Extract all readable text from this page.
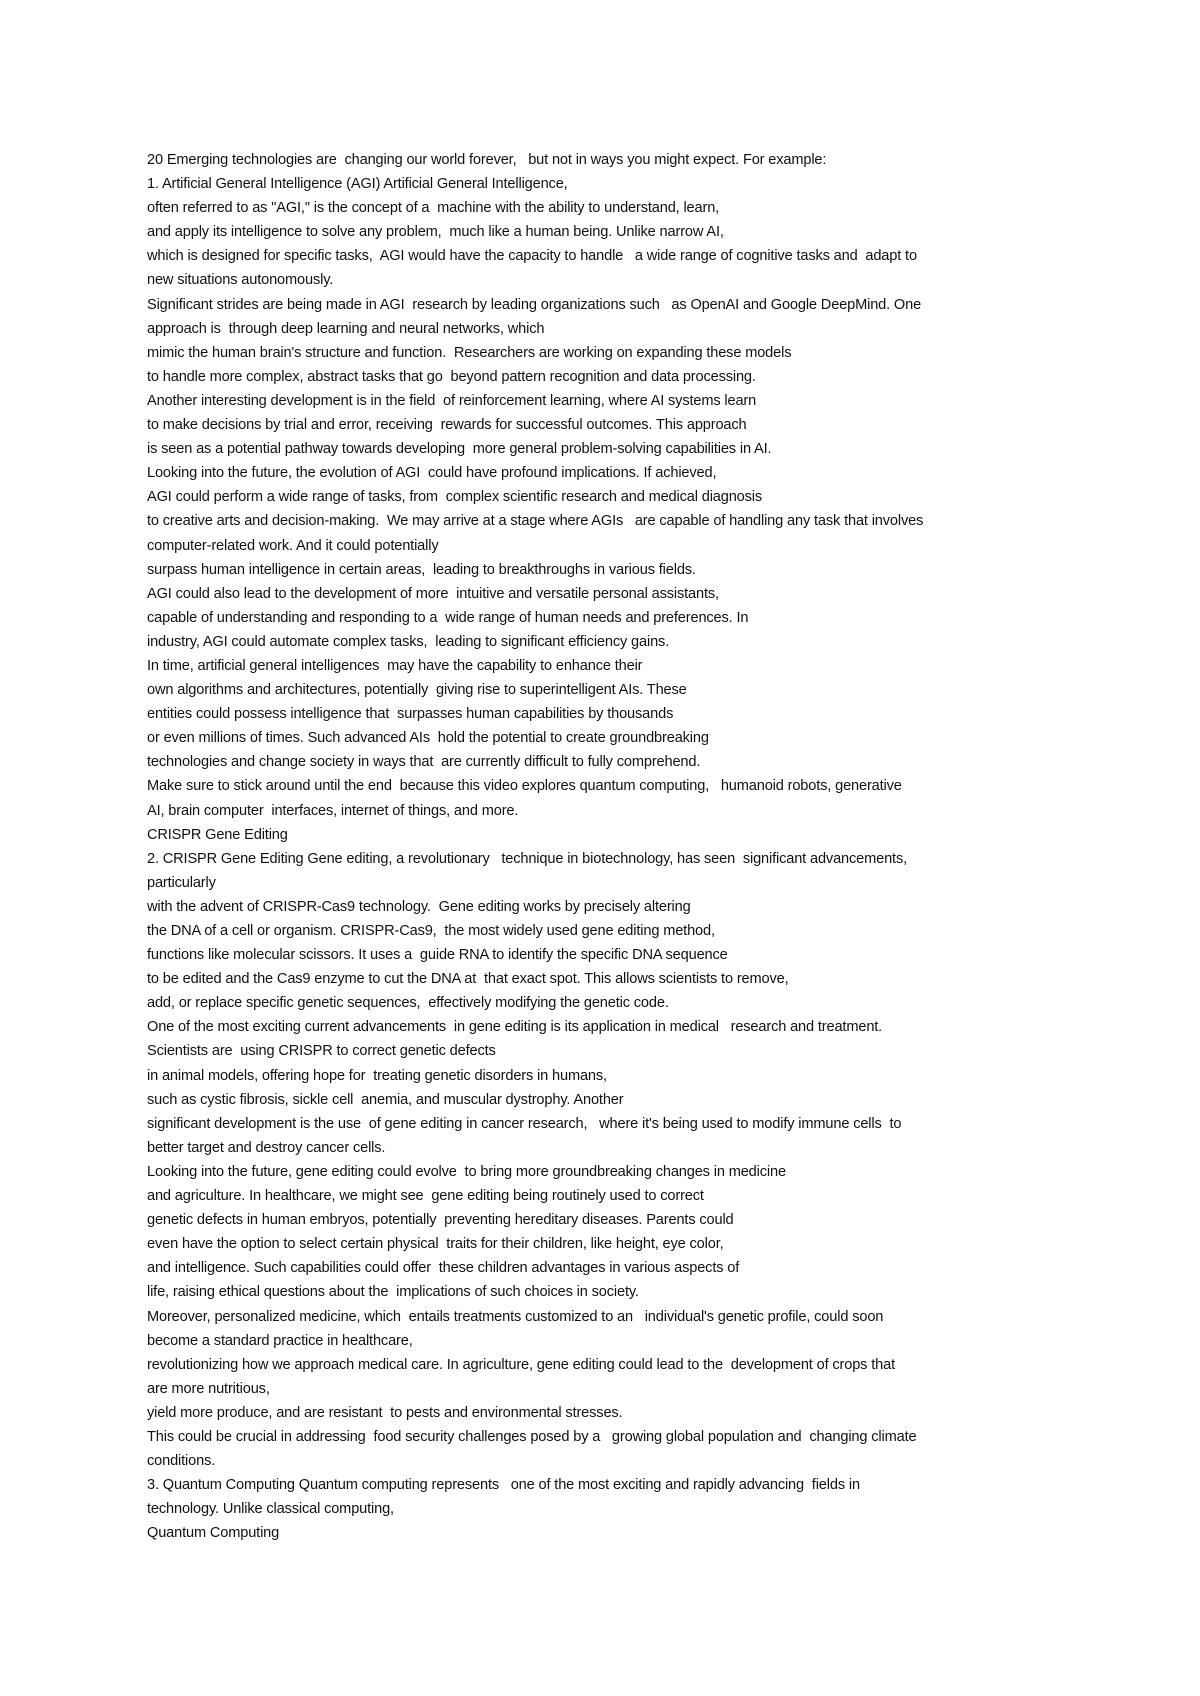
20 Emerging technologies are  changing our world forever,   but not in ways you might expect. For example:
1. Artificial General Intelligence (AGI) Artificial General Intelligence,
often referred to as "AGI," is the concept of a  machine with the ability to understand, learn,
and apply its intelligence to solve any problem,  much like a human being. Unlike narrow AI,
which is designed for specific tasks,  AGI would have the capacity to handle   a wide range of cognitive tasks and  adapt to
new situations autonomously.
Significant strides are being made in AGI  research by leading organizations such   as OpenAI and Google DeepMind. One
approach is  through deep learning and neural networks, which
mimic the human brain's structure and function.  Researchers are working on expanding these models
to handle more complex, abstract tasks that go  beyond pattern recognition and data processing.
Another interesting development is in the field  of reinforcement learning, where AI systems learn
to make decisions by trial and error, receiving  rewards for successful outcomes. This approach
is seen as a potential pathway towards developing  more general problem-solving capabilities in AI.
Looking into the future, the evolution of AGI  could have profound implications. If achieved,
AGI could perform a wide range of tasks, from  complex scientific research and medical diagnosis
to creative arts and decision-making.  We may arrive at a stage where AGIs   are capable of handling any task that involves
computer-related work. And it could potentially
surpass human intelligence in certain areas,  leading to breakthroughs in various fields.
AGI could also lead to the development of more  intuitive and versatile personal assistants,
capable of understanding and responding to a  wide range of human needs and preferences. In
industry, AGI could automate complex tasks,  leading to significant efficiency gains.
In time, artificial general intelligences  may have the capability to enhance their
own algorithms and architectures, potentially  giving rise to superintelligent AIs. These
entities could possess intelligence that  surpasses human capabilities by thousands
or even millions of times. Such advanced AIs  hold the potential to create groundbreaking
technologies and change society in ways that  are currently difficult to fully comprehend.
Make sure to stick around until the end  because this video explores quantum computing,   humanoid robots, generative
AI, brain computer  interfaces, internet of things, and more.
CRISPR Gene Editing
2. CRISPR Gene Editing Gene editing, a revolutionary   technique in biotechnology, has seen  significant advancements,
particularly
with the advent of CRISPR-Cas9 technology.  Gene editing works by precisely altering
the DNA of a cell or organism. CRISPR-Cas9,  the most widely used gene editing method,
functions like molecular scissors. It uses a  guide RNA to identify the specific DNA sequence
to be edited and the Cas9 enzyme to cut the DNA at  that exact spot. This allows scientists to remove,
add, or replace specific genetic sequences,  effectively modifying the genetic code.
One of the most exciting current advancements  in gene editing is its application in medical   research and treatment.
Scientists are  using CRISPR to correct genetic defects
in animal models, offering hope for  treating genetic disorders in humans,
such as cystic fibrosis, sickle cell  anemia, and muscular dystrophy. Another
significant development is the use  of gene editing in cancer research,   where it's being used to modify immune cells  to
better target and destroy cancer cells.
Looking into the future, gene editing could evolve  to bring more groundbreaking changes in medicine
and agriculture. In healthcare, we might see  gene editing being routinely used to correct
genetic defects in human embryos, potentially  preventing hereditary diseases. Parents could
even have the option to select certain physical  traits for their children, like height, eye color,
and intelligence. Such capabilities could offer  these children advantages in various aspects of
life, raising ethical questions about the  implications of such choices in society.
Moreover, personalized medicine, which  entails treatments customized to an   individual's genetic profile, could soon
become a standard practice in healthcare,
revolutionizing how we approach medical care. In agriculture, gene editing could lead to the  development of crops that
are more nutritious,
yield more produce, and are resistant  to pests and environmental stresses.
This could be crucial in addressing  food security challenges posed by a   growing global population and  changing climate
conditions.
3. Quantum Computing Quantum computing represents   one of the most exciting and rapidly advancing  fields in
technology. Unlike classical computing,
Quantum Computing
